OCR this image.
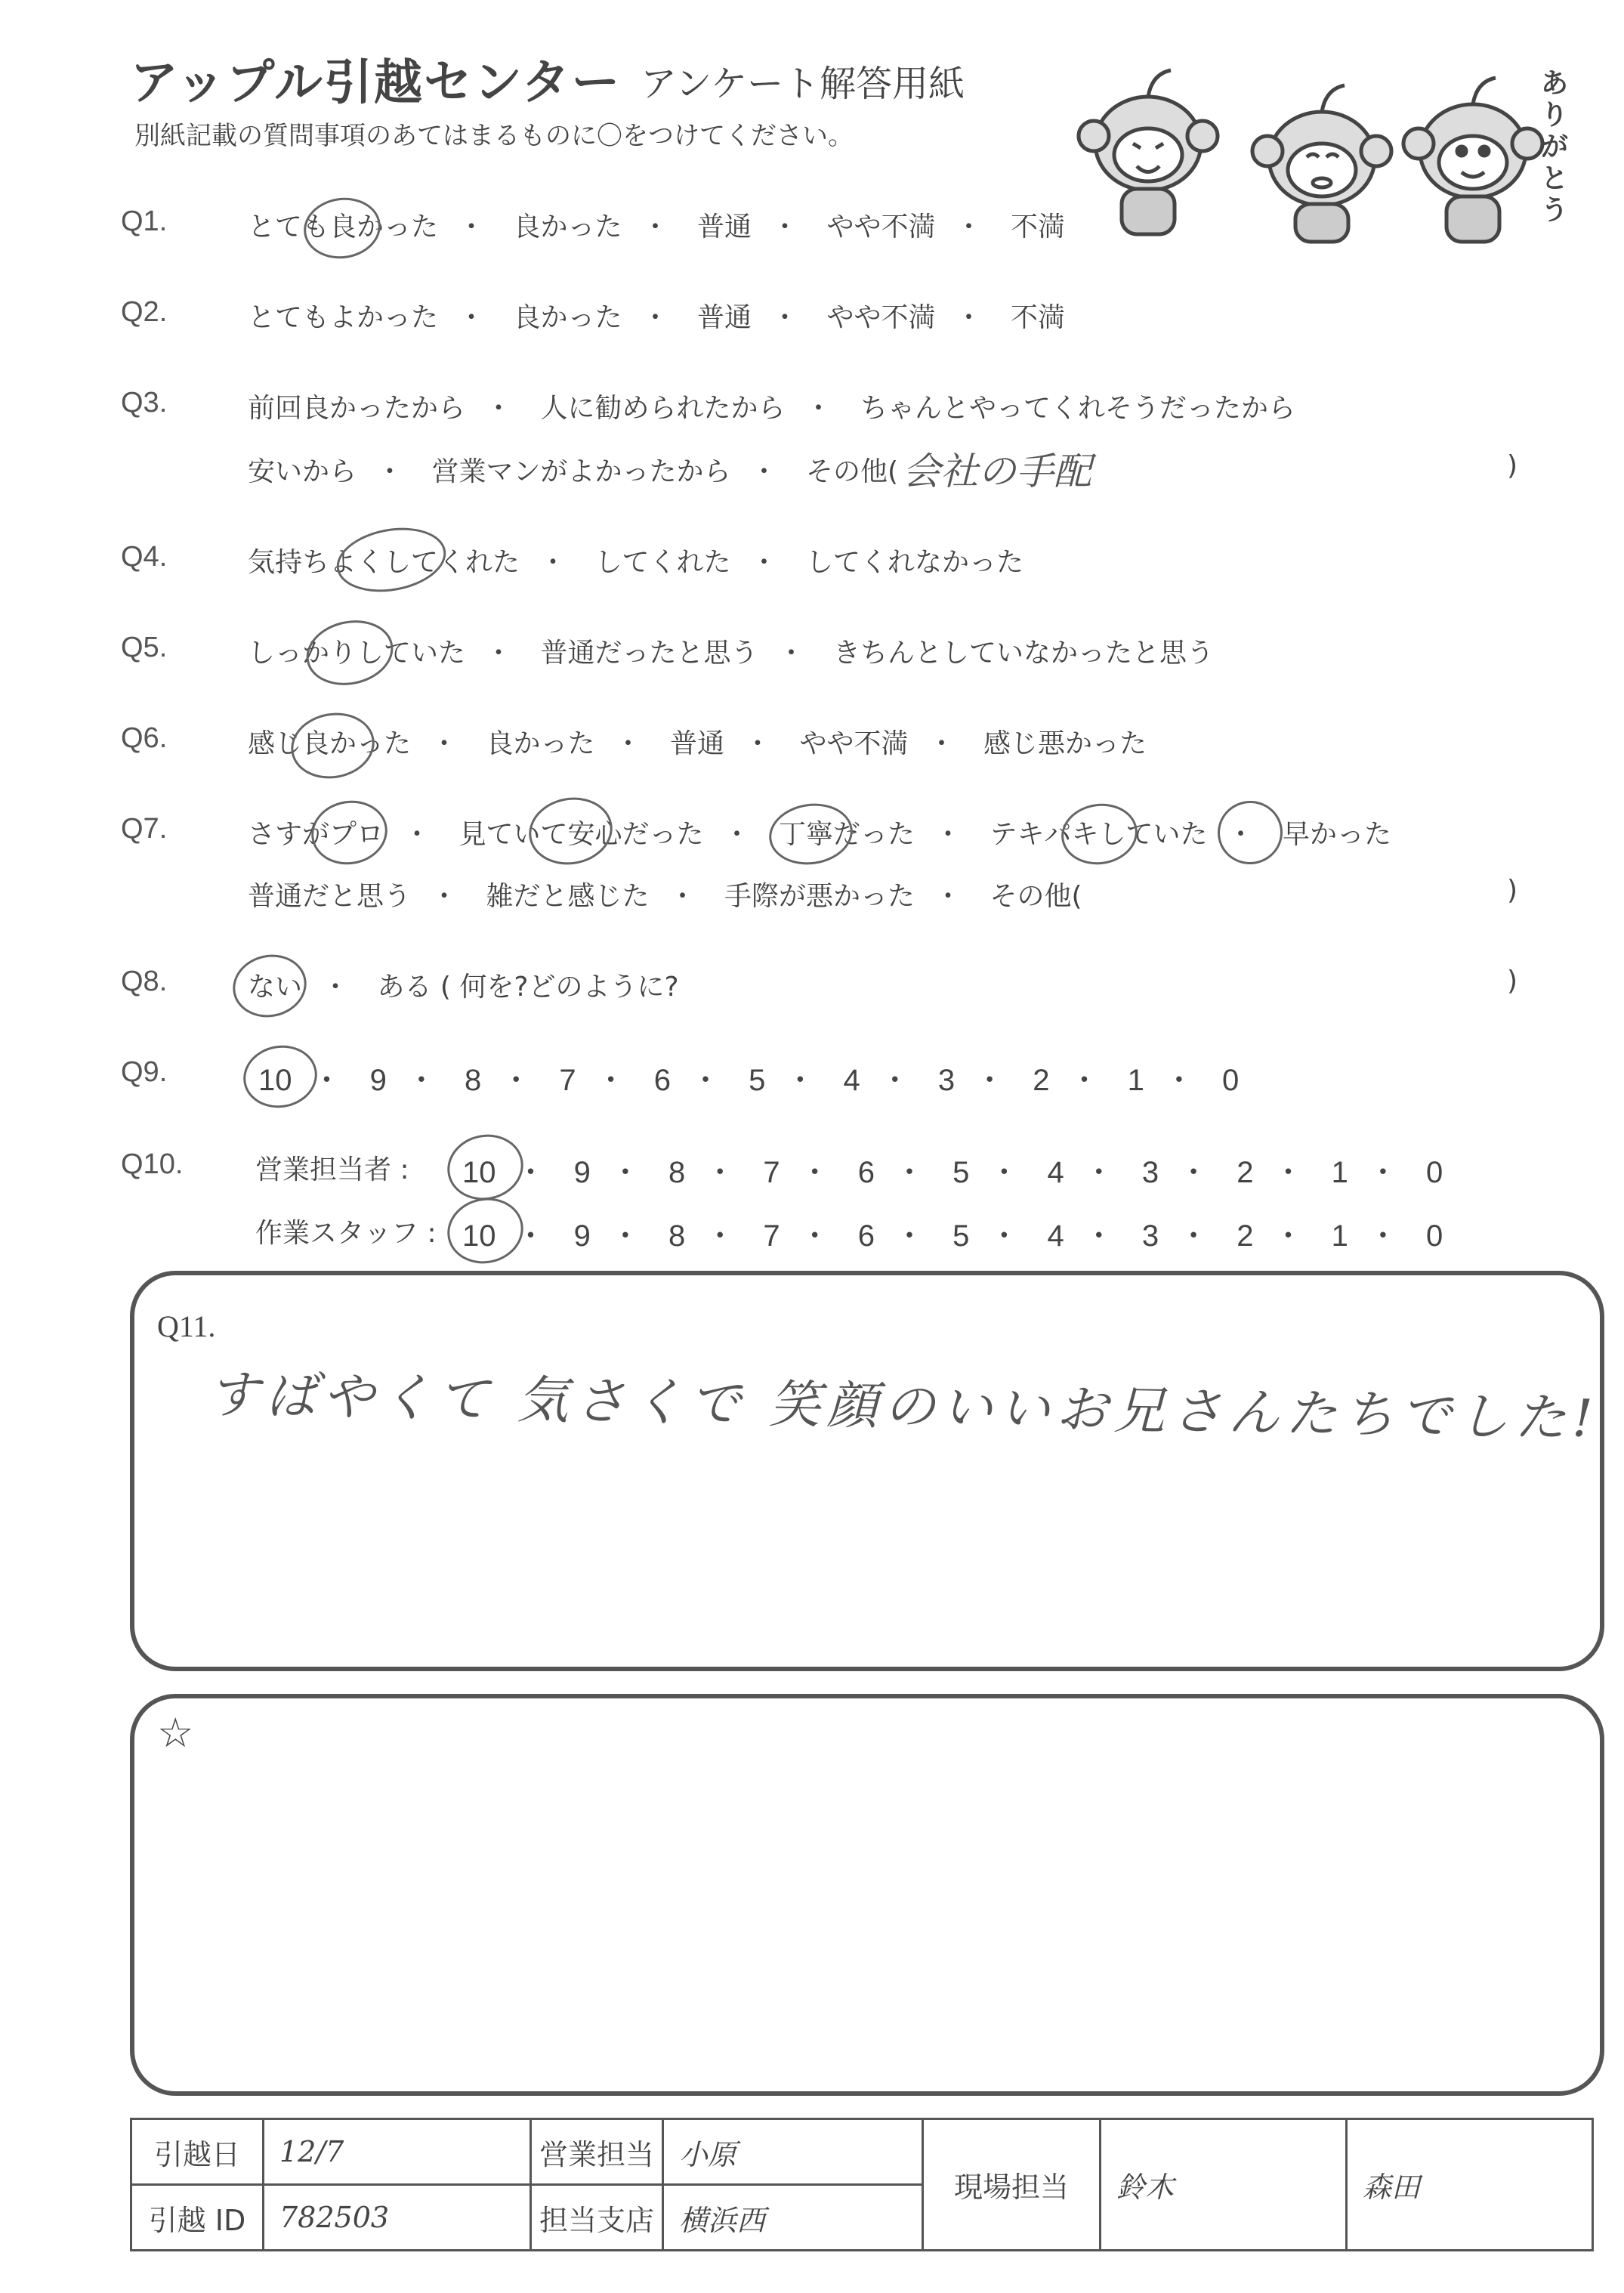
アップル引越センター アンケート解答用紙
別紙記載の質問事項のあてはまるものに〇をつけてください。
ありがとう
Q1.	とても良かった ・ 良かった ・ 普通 ・ やや不満 ・ 不満
Q2.	とてもよかった ・ 良かった ・ 普通 ・ やや不満 ・ 不満
Q3.	前回良かったから ・ 人に勧められたから ・ ちゃんとやってくれそうだったから
安いから ・ 営業マンがよかったから ・ その他( 会社の手配	)
Q4.	気持ちよくしてくれた ・ してくれた ・ してくれなかった
Q5.	しっかりしていた ・ 普通だったと思う ・ きちんとしていなかったと思う
Q6.	感じ良かった ・ 良かった ・ 普通 ・ やや不満 ・ 感じ悪かった
Q7.	さすがプロ ・ 見ていて安心だった ・ 丁寧だった ・ テキパキしていた ・ 早かった
普通だと思う ・ 雑だと感じた ・ 手際が悪かった ・ その他(	)
Q8.	ない ・ ある ( 何を?どのように?	)
Q9.	10 ・ 9 ・ 8 ・ 7 ・ 6 ・ 5 ・ 4 ・ 3 ・ 2 ・ 1 ・ 0
Q10.	営業担当者 : 10 ・ 9 ・ 8 ・ 7 ・ 6 ・ 5 ・ 4 ・ 3 ・ 2 ・ 1 ・ 0
作業スタッフ : 10 ・ 9 ・ 8 ・ 7 ・ 6 ・ 5 ・ 4 ・ 3 ・ 2 ・ 1 ・ 0
Q11.
すばやくて 気さくで 笑顔のいいお兄さんたちでした!
☆
引越日	12/7	営業担当	小原	現場担当	鈴木	森田
引越 ID	782503	担当支店	横浜西			
